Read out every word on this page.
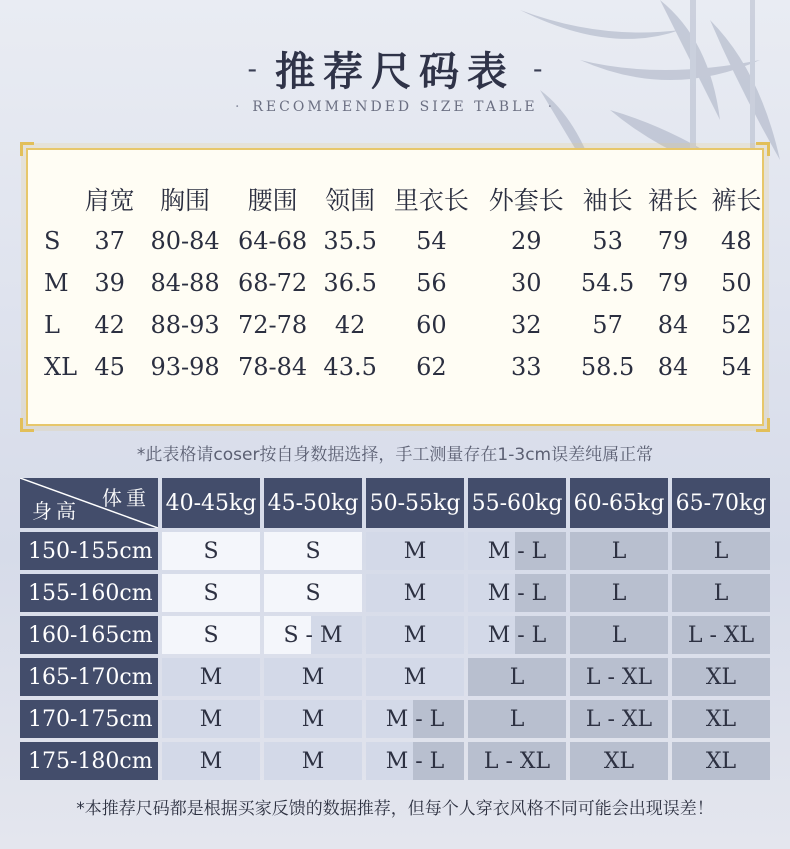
- 推荐尺码表 -
· RECOMMENDED SIZE TABLE ·
	肩宽	胸围	腰围	领围	里衣长	外套长	袖长	裙长	裤长
S	37	80-84	64-68	35.5	54	29	53	79	48
M	39	84-88	68-72	36.5	56	30	54.5	79	50
L	42	88-93	72-78	42	60	32	57	84	52
XL	45	93-98	78-84	43.5	62	33	58.5	84	54
*此表格请coser按自身数据选择，手工测量存在1-3cm误差纯属正常
体重
身高	40-45kg 45-50kg 50-55kg 55-60kg 60-65kg 65-70kg
150-155cm	S	S	M	M - L	L	L
155-160cm	S	S	M	M - L	L	L
160-165cm	S	S - M	M	M - L	L	L - XL
165-170cm	M	M	M	L	L - XL	XL
170-175cm	M	M	M - L	L	L - XL	XL
175-180cm	M	M	M - L	L - XL	XL	XL
*本推荐尺码都是根据买家反馈的数据推荐，但每个人穿衣风格不同可能会出现误差！
